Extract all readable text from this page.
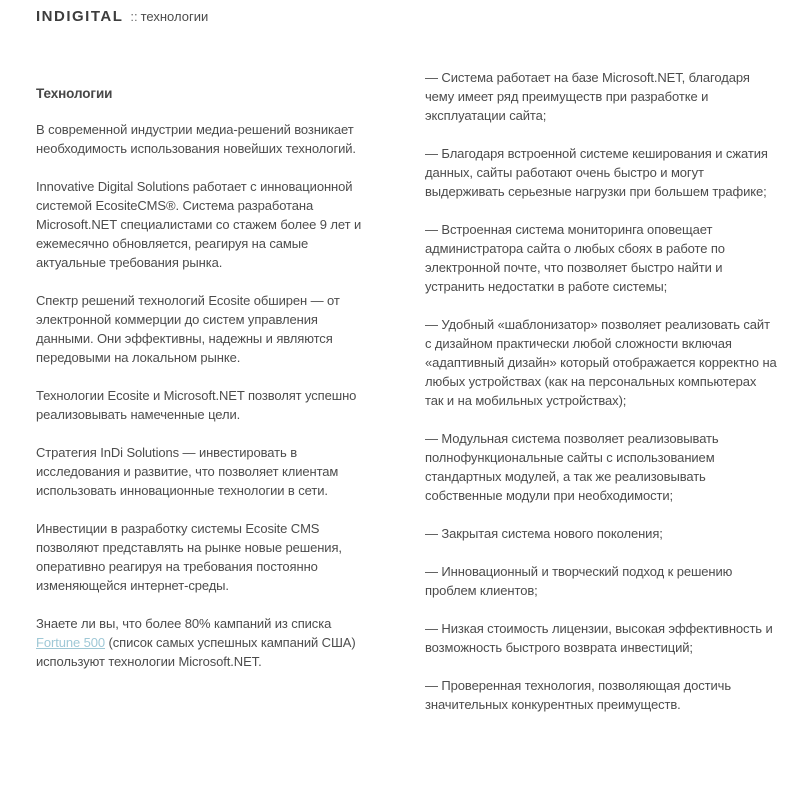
INDIGITAL :: технологии
Технологии

В современной индустрии медиа-решений возникает необходимость использования новейших технологий.

Innovative Digital Solutions работает с инновационной системой EcositeCMS®. Система разработана Microsoft.NET специалистами со стажем более 9 лет и ежемесячно обновляется, реагируя на самые актуальные требования рынка.

Спектр решений технологий Ecosite обширен — от электронной коммерции до систем управления данными. Они эффективны, надежны и являются передовыми на локальном рынке.

Технологии Ecosite и Microsoft.NET позволят успешно реализовывать намеченные цели.

Стратегия InDi Solutions — инвестировать в исследования и развитие, что позволяет клиентам использовать инновационные технологии в сети.

Инвестиции в разработку системы Ecosite CMS позволяют представлять на рынке новые решения, оперативно реагируя на требования постоянно изменяющейся интернет-среды.

Знаете ли вы, что более 80% кампаний из списка Fortune 500 (список самых успешных кампаний США) используют технологии Microsoft.NET.

— Система работает на базе Microsoft.NET, благодаря чему имеет ряд преимуществ при разработке и эксплуатации сайта;

— Благодаря встроенной системе кеширования и сжатия данных, сайты работают очень быстро и могут выдерживать серьезные нагрузки при большем трафике;

— Встроенная система мониторинга оповещает администратора сайта о любых сбоях в работе по электронной почте, что позволяет быстро найти и устранить недостатки в работе системы;

— Удобный «шаблонизатор» позволяет реализовать сайт с дизайном практически любой сложности включая «адаптивный дизайн» который отображается корректно на любых устройствах (как на персональных компьютерах так и на мобильных устройствах);

— Модульная система позволяет реализовывать полнофункциональные сайты с использованием стандартных модулей, а так же реализовывать собственные модули при необходимости;

— Закрытая система нового поколения;

— Инновационный и творческий подход к решению проблем клиентов;

— Низкая стоимость лицензии, высокая эффективность и возможность быстрого возврата инвестиций;

— Проверенная технология, позволяющая достичь значительных конкурентных преимуществ.
